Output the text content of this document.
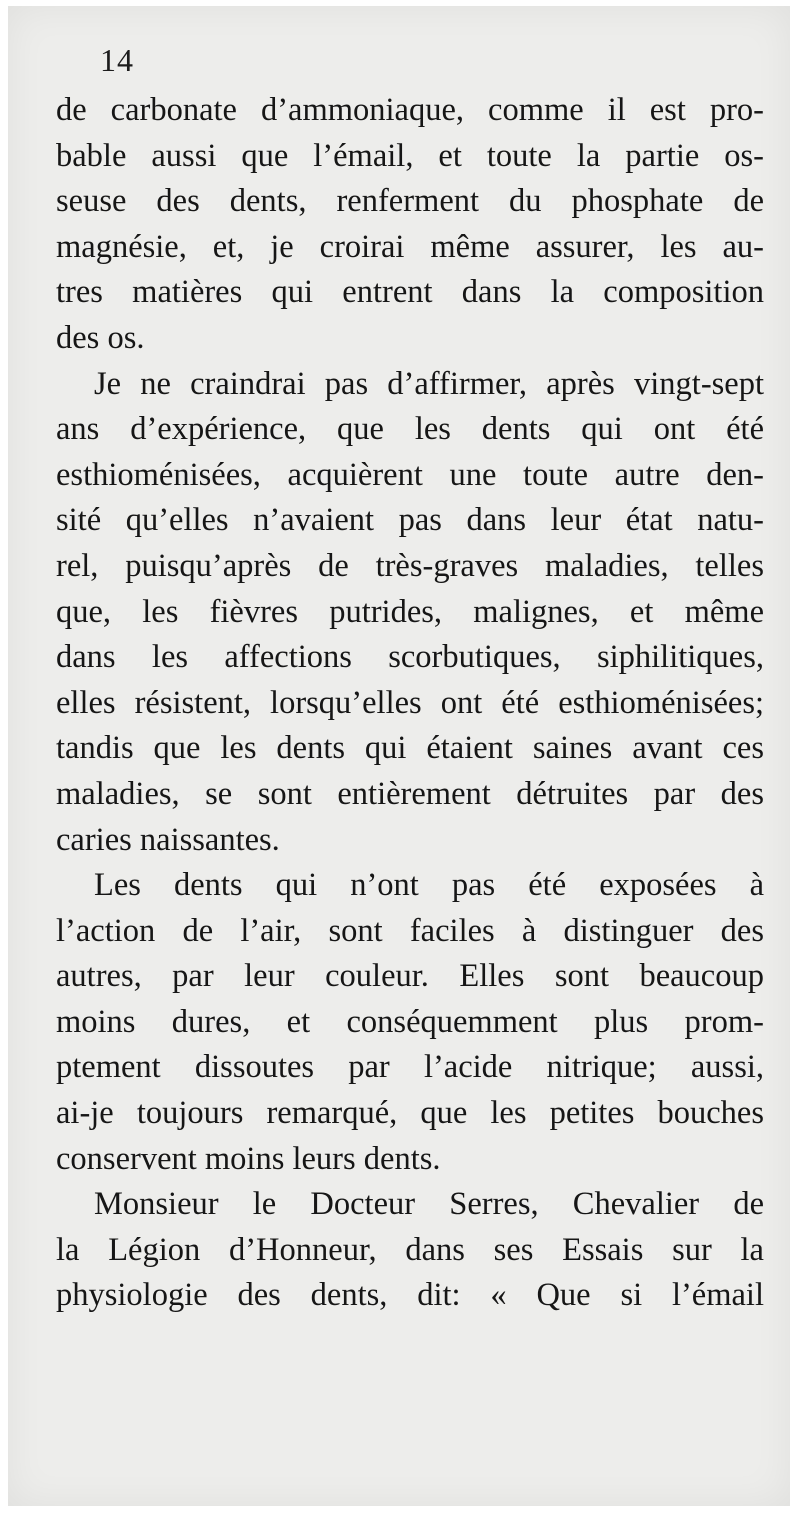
14
de carbonate d’ammoniaque, comme il est pro-
bable aussi que l’émail, et toute la partie os-
seuse des dents, renferment du phosphate de
magnésie, et, je croirai même assurer, les au-
tres matières qui entrent dans la composition
des os.
Je ne craindrai pas d’affirmer, après vingt-sept
ans d’expérience, que les dents qui ont été
esthioménisées, acquièrent une toute autre den-
sité qu’elles n’avaient pas dans leur état natu-
rel, puisqu’après de très-graves maladies, telles
que, les fièvres putrides, malignes, et même
dans les affections scorbutiques, siphilitiques,
elles résistent, lorsqu’elles ont été esthioménisées;
tandis que les dents qui étaient saines avant ces
maladies, se sont entièrement détruites par des
caries naissantes.
Les dents qui n’ont pas été exposées à
l’action de l’air, sont faciles à distinguer des
autres, par leur couleur. Elles sont beaucoup
moins dures, et conséquemment plus prom-
ptement dissoutes par l’acide nitrique; aussi,
ai-je toujours remarqué, que les petites bouches
conservent moins leurs dents.
Monsieur le Docteur Serres, Chevalier de
la Légion d’Honneur, dans ses Essais sur la
physiologie des dents, dit: « Que si l’émail
